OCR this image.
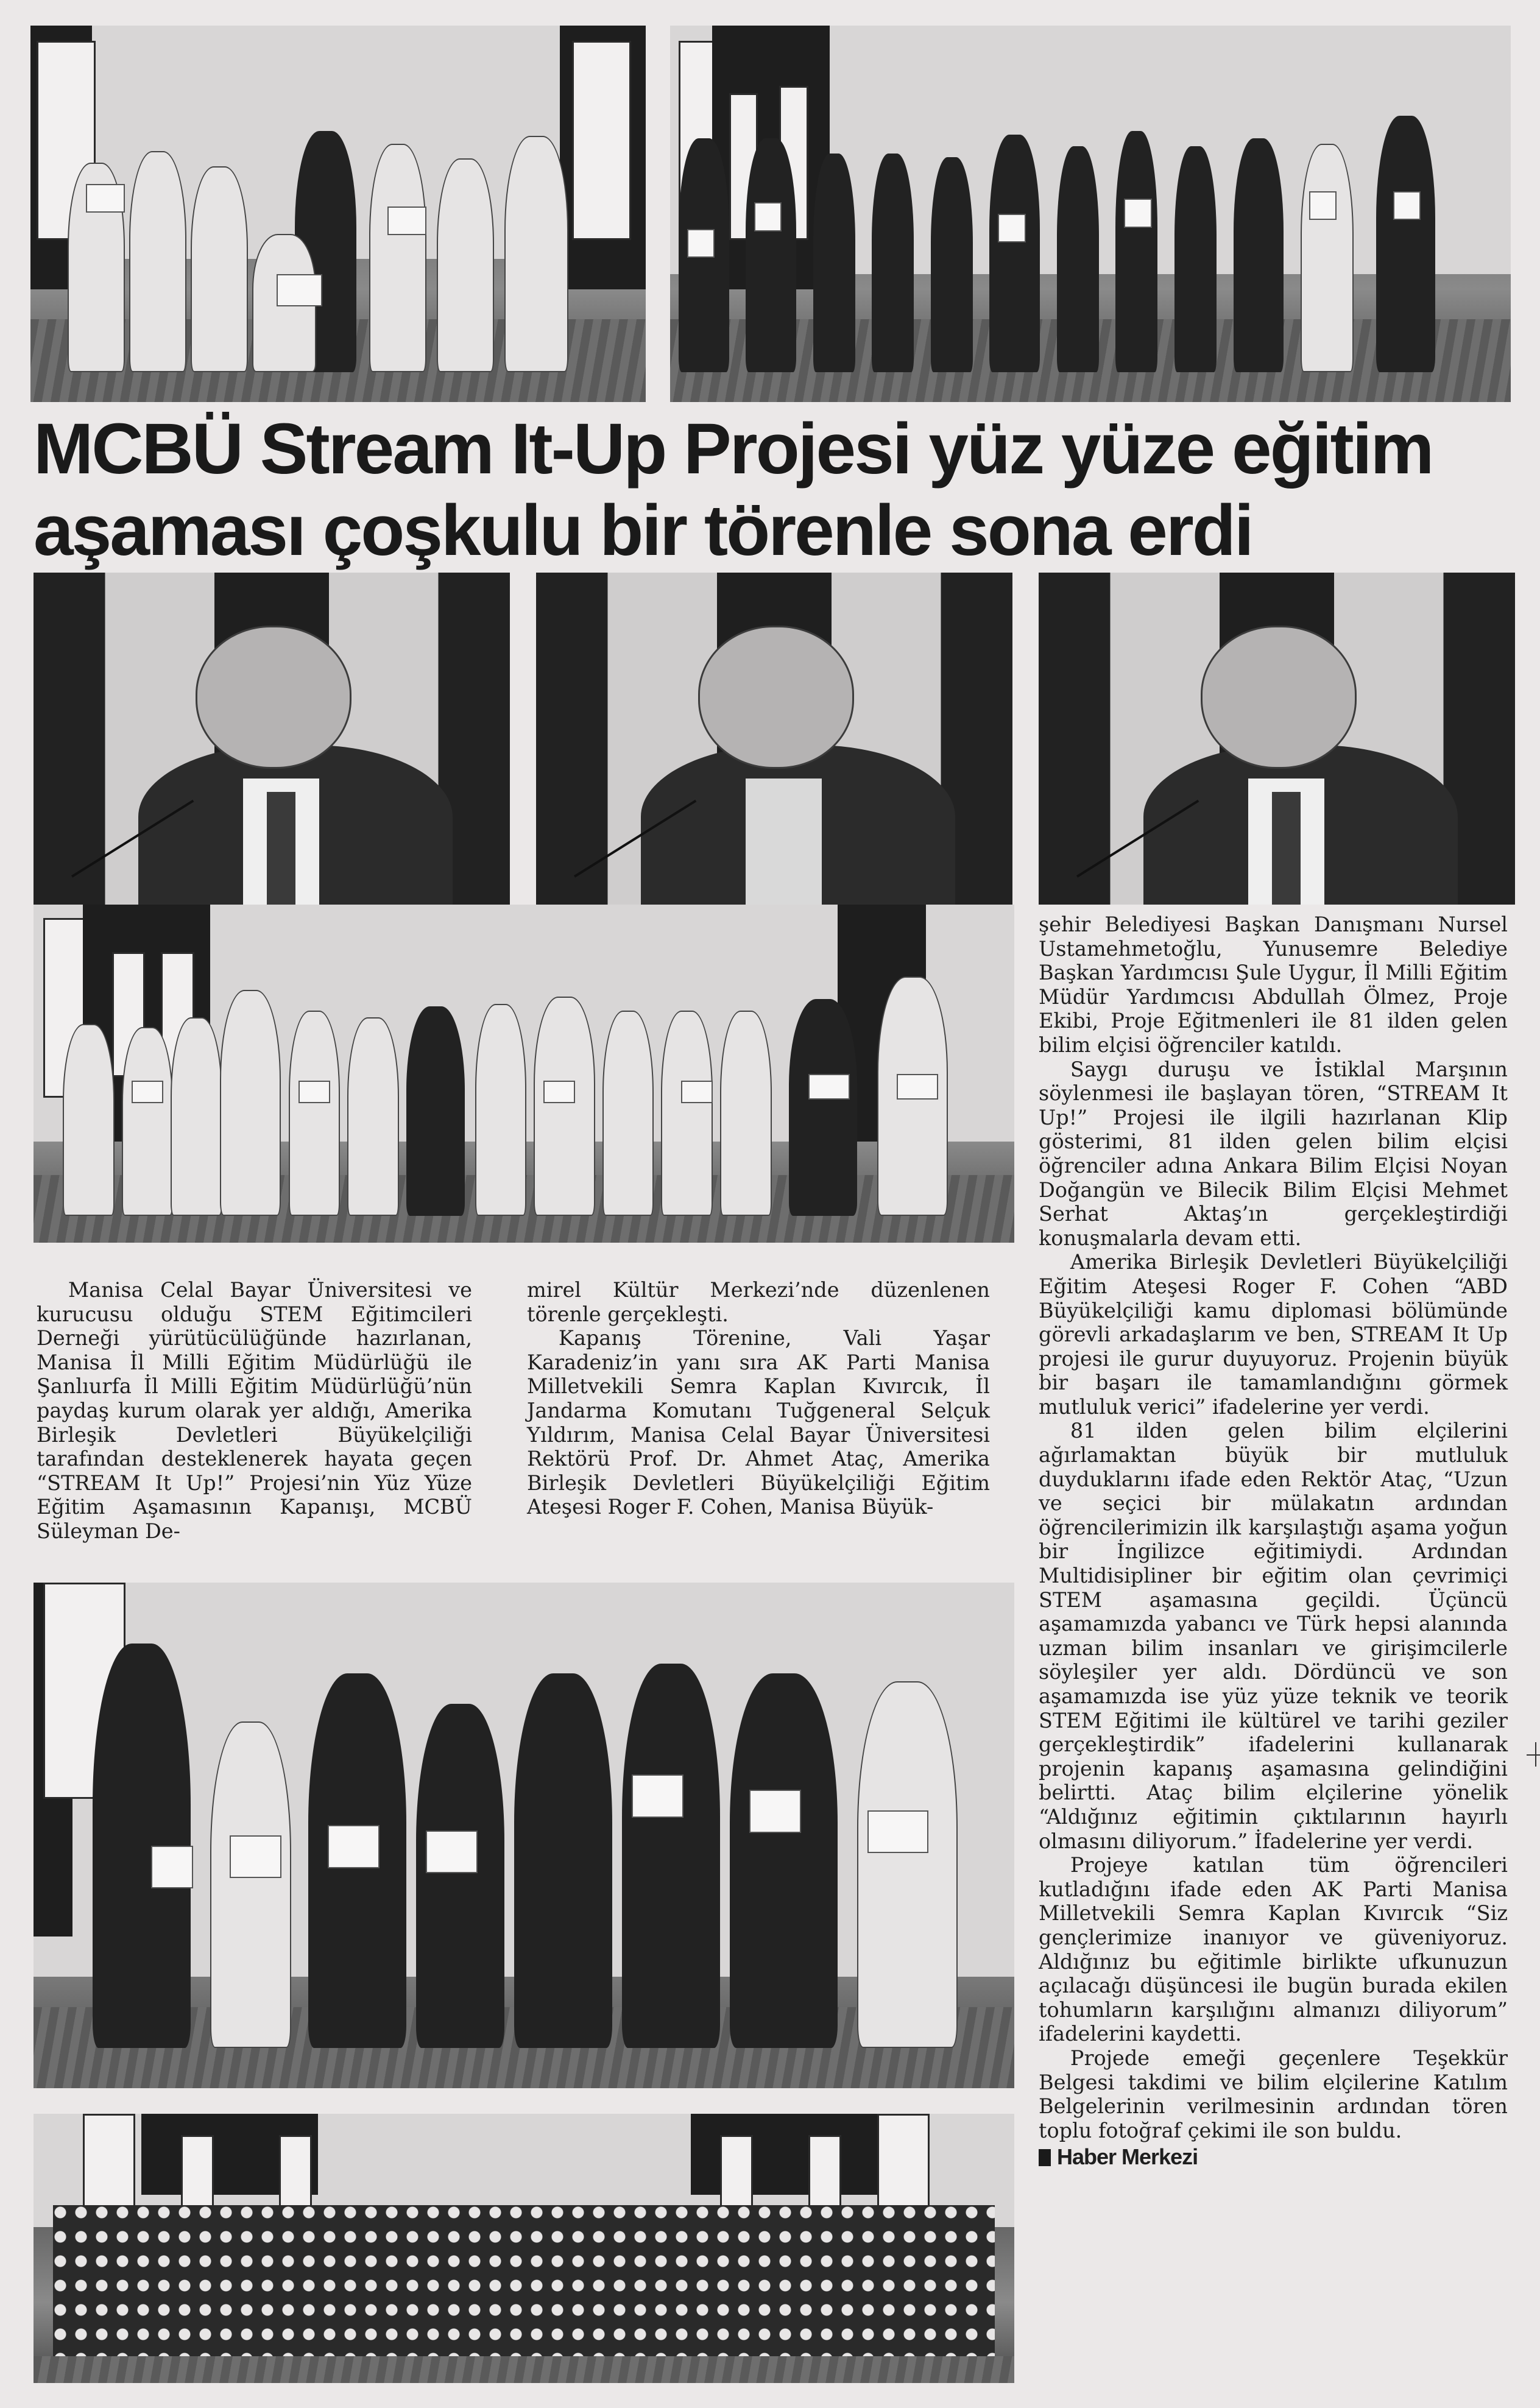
MCBÜ Stream It-Up Projesi yüz yüze eğitim
aşaması çoşkulu bir törenle sona erdi

Manisa Celal Bayar Üniversitesi ve kurucusu olduğu STEM Eğitimcileri Derneği yürütücülüğünde hazırlanan, Manisa İl Milli Eğitim Müdürlüğü ile Şanlıurfa İl Milli Eğitim Müdürlüğü’nün paydaş kurum olarak yer aldığı, Amerika Birleşik Devletleri Büyükelçiliği tarafından desteklenerek hayata geçen “STREAM It Up!” Projesi’nin Yüz Yüze Eğitim Aşamasının Kapanışı, MCBÜ Süleyman De-

mirel Kültür Merkezi’nde düzenlenen törenle gerçekleşti.

Kapanış Törenine, Vali Yaşar Karadeniz’in yanı sıra AK Parti Manisa Milletvekili Semra Kaplan Kıvırcık, İl Jandarma Komutanı Tuğgeneral Selçuk Yıldırım, Manisa Celal Bayar Üniversitesi Rektörü Prof. Dr. Ahmet Ataç, Amerika Birleşik Devletleri Büyükelçiliği Eğitim Ateşesi Roger F. Cohen, Manisa Büyük-

şehir Belediyesi Başkan Danışmanı Nursel Ustamehmetoğlu, Yunusemre Belediye Başkan Yardımcısı Şule Uygur, İl Milli Eğitim Müdür Yardımcısı Abdullah Ölmez, Proje Ekibi, Proje Eğitmenleri ile 81 ilden gelen bilim elçisi öğrenciler katıldı.

Saygı duruşu ve İstiklal Marşının söylenmesi ile başlayan tören, “STREAM It Up!” Projesi ile ilgili hazırlanan Klip gösterimi, 81 ilden gelen bilim elçisi öğrenciler adına Ankara Bilim Elçisi Noyan Doğangün ve Bilecik Bilim Elçisi Mehmet Serhat Aktaş’ın gerçekleştirdiği konuşmalarla devam etti.

Amerika Birleşik Devletleri Büyükelçiliği Eğitim Ateşesi Roger F. Cohen “ABD Büyükelçiliği kamu diplomasi bölümünde görevli arkadaşlarım ve ben, STREAM It Up projesi ile gurur duyuyoruz. Projenin büyük bir başarı ile tamamlandığını görmek mutluluk verici” ifadelerine yer verdi.

81 ilden gelen bilim elçilerini ağırlamaktan büyük bir mutluluk duyduklarını ifade eden Rektör Ataç, “Uzun ve seçici bir mülakatın ardından öğrencilerimizin ilk karşılaştığı aşama yoğun bir İngilizce eğitimiydi. Ardından Multidisipliner bir eğitim olan çevrimiçi STEM aşamasına geçildi. Üçüncü aşamamızda yabancı ve Türk hepsi alanında uzman bilim insanları ve girişimcilerle söyleşiler yer aldı. Dördüncü ve son aşamamızda ise yüz yüze teknik ve teorik STEM Eğitimi ile kültürel ve tarihi geziler gerçekleştirdik” ifadelerini kullanarak projenin kapanış aşamasına gelindiğini belirtti. Ataç bilim elçilerine yönelik “Aldığınız eğitimin çıktılarının hayırlı olmasını diliyorum.” İfadelerine yer verdi.

Projeye katılan tüm öğrencileri kutladığını ifade eden AK Parti Manisa Milletvekili Semra Kaplan Kıvırcık “Siz gençlerimize inanıyor ve güveniyoruz. Aldığınız bu eğitimle birlikte ufkunuzun açılacağı düşüncesi ile bugün burada ekilen tohumların karşılığını almanızı diliyorum” ifadelerini kaydetti.

Projede emeği geçenlere Teşekkür Belgesi takdimi ve bilim elçilerine Katılım Belgelerinin verilmesinin ardından tören toplu fotoğraf çekimi ile son buldu.

Haber Merkezi
